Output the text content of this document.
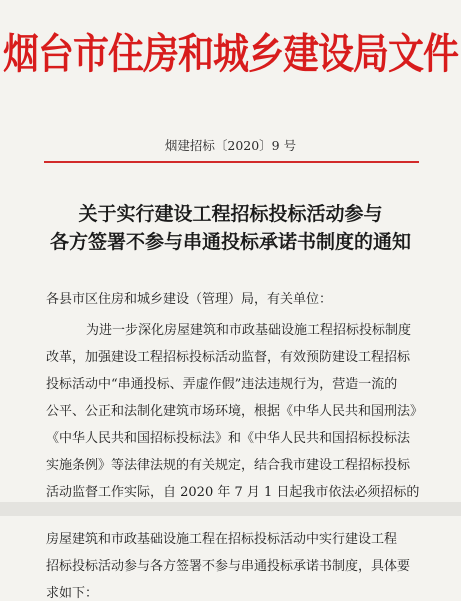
烟台市住房和城乡建设局文件
烟建招标〔2020〕9 号
关于实行建设工程招标投标活动参与
各方签署不参与串通投标承诺书制度的通知
各县市区住房和城乡建设（管理）局，有关单位：
为进一步深化房屋建筑和市政基础设施工程招标投标制度
改革，加强建设工程招标投标活动监督，有效预防建设工程招标
投标活动中“串通投标、弄虚作假”违法违规行为，营造一流的
公平、公正和法制化建筑市场环境，根据《中华人民共和国刑法》
《中华人民共和国招标投标法》和《中华人民共和国招标投标法
实施条例》等法律法规的有关规定，结合我市建设工程招标投标
活动监督工作实际，自 2020 年 7 月 1 日起我市依法必须招标的
房屋建筑和市政基础设施工程在招标投标活动中实行建设工程
招标投标活动参与各方签署不参与串通投标承诺书制度，具体要
求如下：
